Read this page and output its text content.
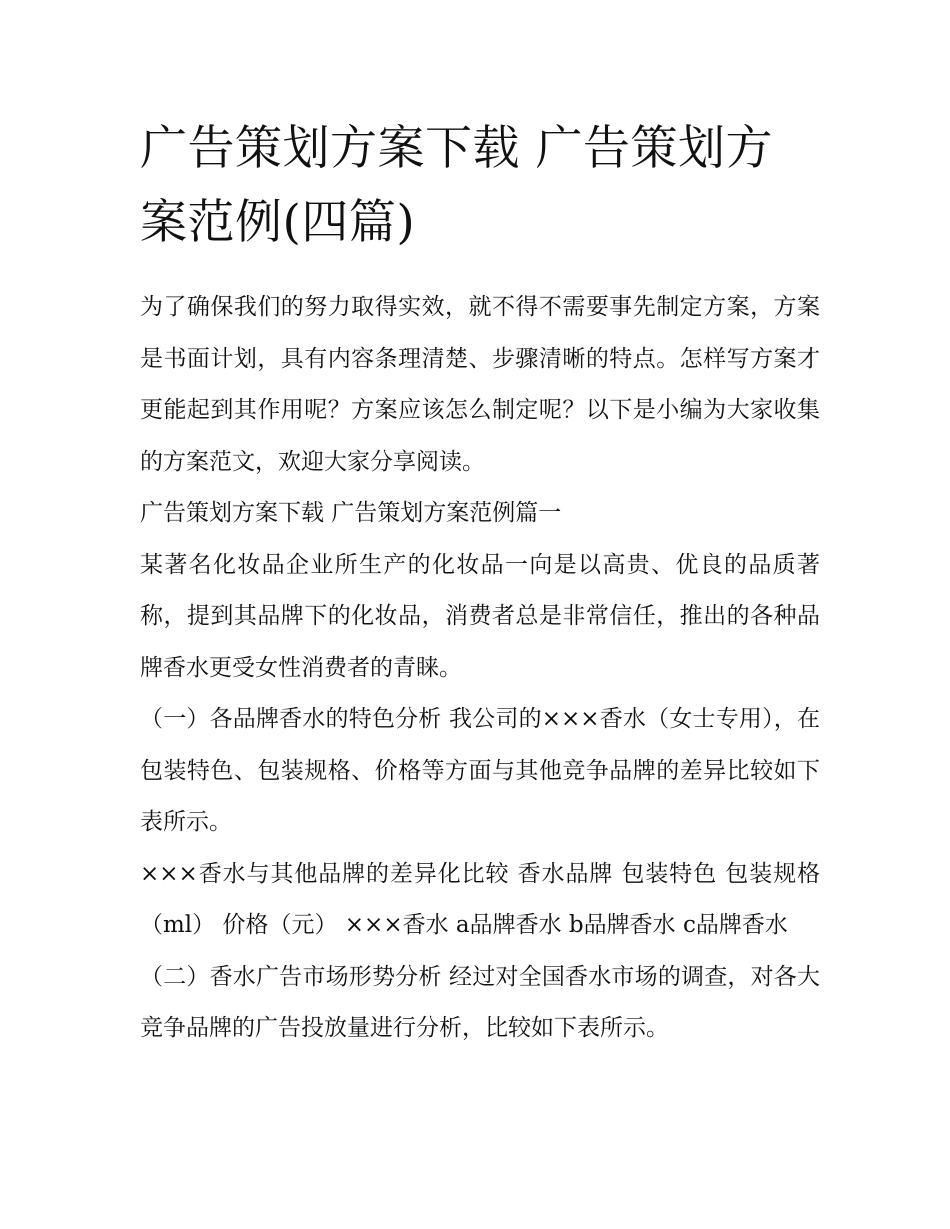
广告策划方案下载 广告策划方案范例(四篇)

为了确保我们的努力取得实效，就不得不需要事先制定方案，方案是书面计划，具有内容条理清楚、步骤清晰的特点。怎样写方案才更能起到其作用呢？方案应该怎么制定呢？以下是小编为大家收集的方案范文，欢迎大家分享阅读。

广告策划方案下载 广告策划方案范例篇一

某著名化妆品企业所生产的化妆品一向是以高贵、优良的品质著称，提到其品牌下的化妆品，消费者总是非常信任，推出的各种品牌香水更受女性消费者的青睐。

（一）各品牌香水的特色分析 我公司的×××香水（女士专用），在包装特色、包装规格、价格等方面与其他竞争品牌的差异比较如下表所示。

×××香水与其他品牌的差异化比较 香水品牌 包装特色 包装规格（ml） 价格（元） ×××香水 a品牌香水 b品牌香水 c品牌香水

（二）香水广告市场形势分析 经过对全国香水市场的调查，对各大竞争品牌的广告投放量进行分析，比较如下表所示。
